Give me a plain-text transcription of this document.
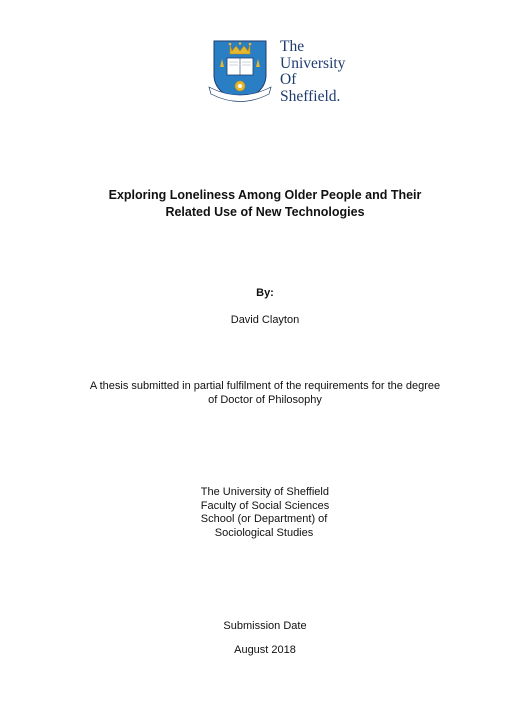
The
University
Of
Sheffield.
Exploring Loneliness Among Older People and Their
Related Use of New Technologies
By:
David Clayton
A thesis submitted in partial fulfilment of the requirements for the degree
of Doctor of Philosophy
The University of Sheffield
Faculty of Social Sciences
School (or Department) of
Sociological Studies
Submission Date
August 2018
